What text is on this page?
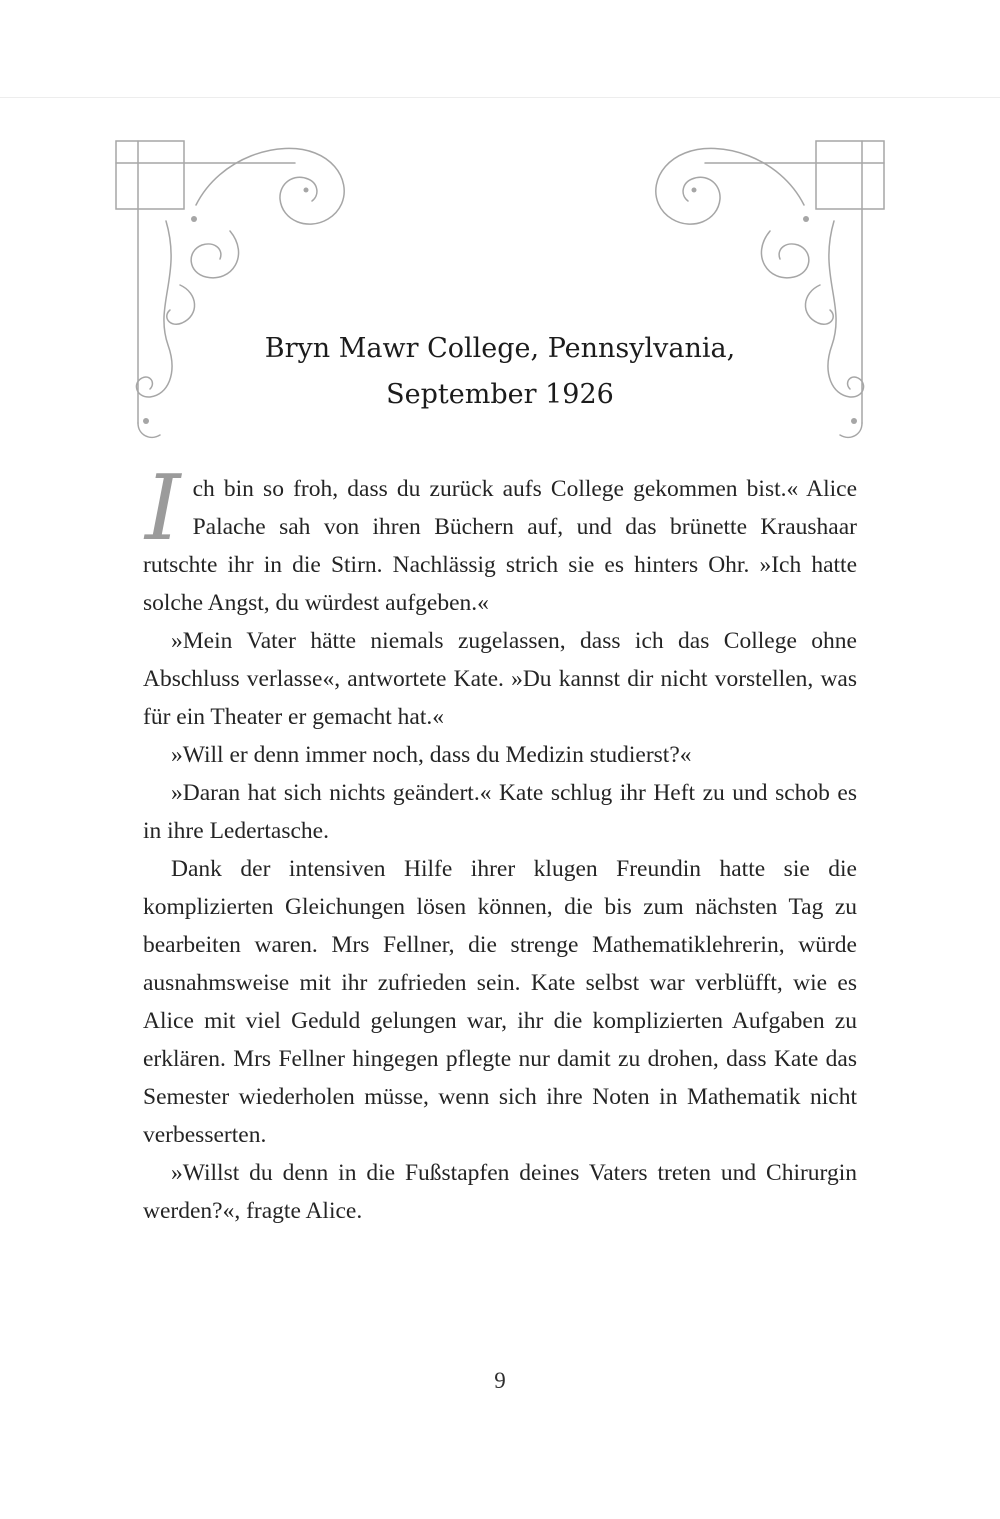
Bryn Mawr College, Pennsylvania,
September 1926

Ich bin so froh, dass du zurück aufs College gekommen bist.« Alice Palache sah von ihren Büchern auf, und das brünette Kraushaar rutschte ihr in die Stirn. Nachlässig strich sie es hinters Ohr. »Ich hatte solche Angst, du würdest aufgeben.«

»Mein Vater hätte niemals zugelassen, dass ich das College ohne Abschluss verlasse«, antwortete Kate. »Du kannst dir nicht vorstellen, was für ein Theater er gemacht hat.«

»Will er denn immer noch, dass du Medizin studierst?«

»Daran hat sich nichts geändert.« Kate schlug ihr Heft zu und schob es in ihre Ledertasche.

Dank der intensiven Hilfe ihrer klugen Freundin hatte sie die komplizierten Gleichungen lösen können, die bis zum nächsten Tag zu bearbeiten waren. Mrs Fellner, die strenge Mathematiklehrerin, würde ausnahmsweise mit ihr zufrieden sein. Kate selbst war verblüfft, wie es Alice mit viel Geduld gelungen war, ihr die komplizierten Aufgaben zu erklären. Mrs Fellner hingegen pflegte nur damit zu drohen, dass Kate das Semester wiederholen müsse, wenn sich ihre Noten in Mathematik nicht verbesserten.

»Willst du denn in die Fußstapfen deines Vaters treten und Chirurgin werden?«, fragte Alice.

9
